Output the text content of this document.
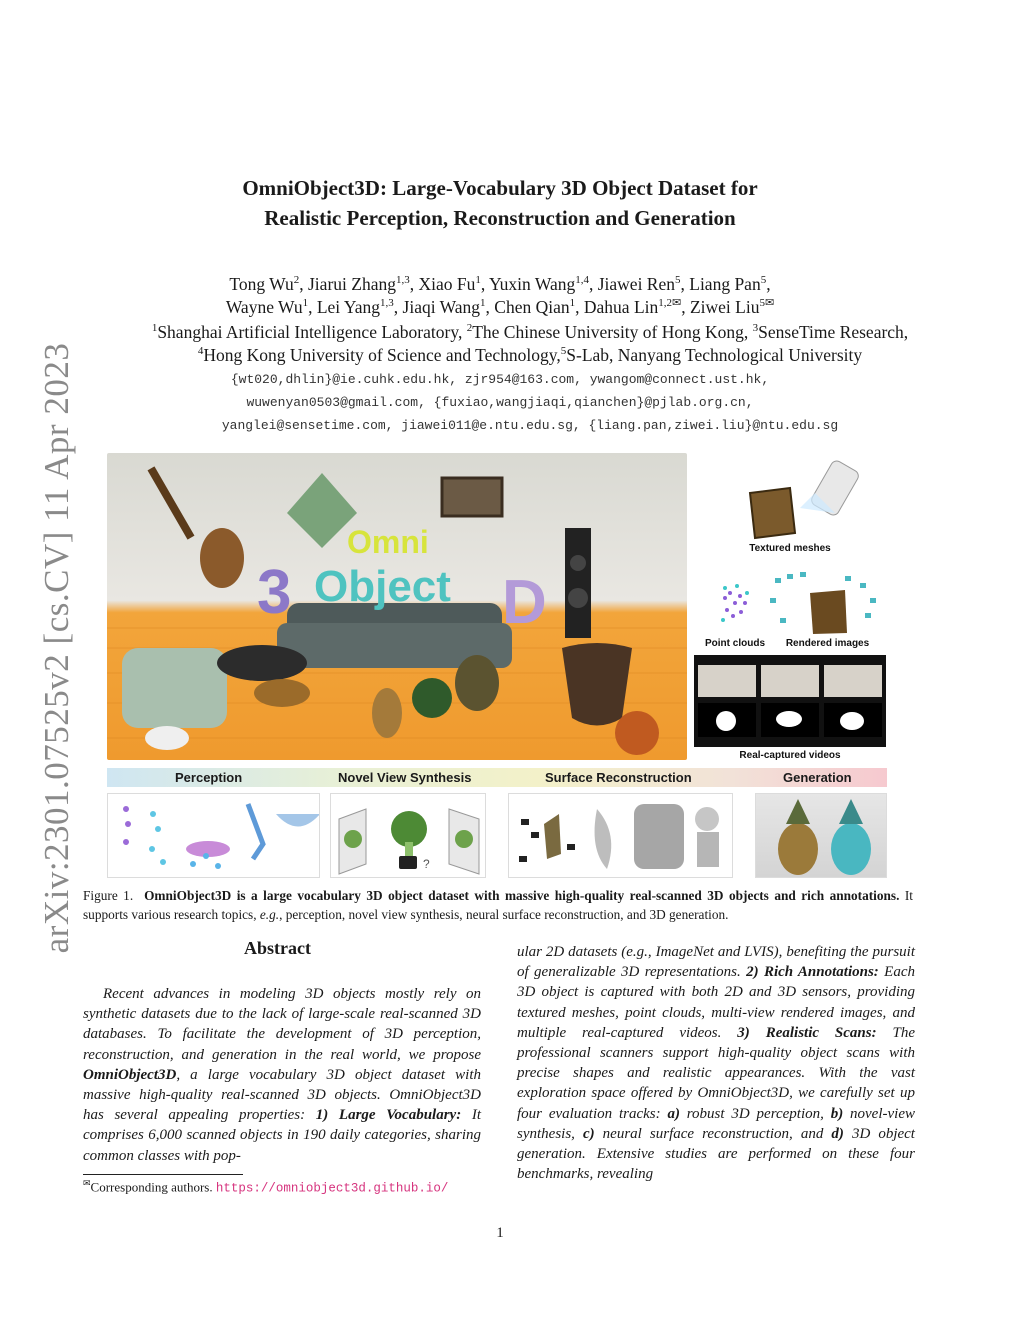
arXiv:2301.07525v2 [cs.CV] 11 Apr 2023
OmniObject3D: Large-Vocabulary 3D Object Dataset for
Realistic Perception, Reconstruction and Generation
Tong Wu$^2$, Jiarui Zhang$^{1,3}$, Xiao Fu$^1$, Yuxin Wang$^{1,4}$, Jiawei Ren$^5$, Liang Pan$^5$,
Wayne Wu$^1$, Lei Yang$^{1,3}$, Jiaqi Wang$^1$, Chen Qian$^1$, Dahua Lin$^{1,2✉}$, Ziwei Liu$^{5✉}$
$^1$Shanghai Artificial Intelligence Laboratory, $^2$The Chinese University of Hong Kong, $^3$SenseTime Research,
$^4$Hong Kong University of Science and Technology,$^5$S-Lab, Nanyang Technological University
{wt020,dhlin}@ie.cuhk.edu.hk, zjr954@163.com, ywangom@connect.ust.hk,
wuwenyan0503@gmail.com, {fuxiao,wangjiaqi,qianchen}@pjlab.org.cn,
yanglei@sensetime.com, jiawei011@e.ntu.edu.sg, {liang.pan,ziwei.liu}@ntu.edu.sg
3	D
Omni
Object
Textured meshes
Point clouds	Rendered images
Real-captured videos
Perception	Novel View Synthesis	Surface Reconstruction	Generation
?
Figure 1. OmniObject3D is a large vocabulary 3D object dataset with massive high-quality real-scanned 3D objects and rich annotations. It supports various research topics, e.g., perception, novel view synthesis, neural surface reconstruction, and 3D generation.
Abstract
Recent advances in modeling 3D objects mostly rely on synthetic datasets due to the lack of large-scale real-scanned 3D databases. To facilitate the development of 3D perception, reconstruction, and generation in the real world, we propose OmniObject3D, a large vocabulary 3D object dataset with massive high-quality real-scanned 3D objects. OmniObject3D has several appealing properties: 1) Large Vocabulary: It comprises 6,000 scanned objects in 190 daily categories, sharing common classes with pop-
ular 2D datasets (e.g., ImageNet and LVIS), benefiting the pursuit of generalizable 3D representations. 2) Rich Annotations: Each 3D object is captured with both 2D and 3D sensors, providing textured meshes, point clouds, multi-view rendered images, and multiple real-captured videos. 3) Realistic Scans: The professional scanners support high-quality object scans with precise shapes and realistic appearances. With the vast exploration space offered by OmniObject3D, we carefully set up four evaluation tracks: a) robust 3D perception, b) novel-view synthesis, c) neural surface reconstruction, and d) 3D object generation. Extensive studies are performed on these four benchmarks, revealing
✉Corresponding authors. https://omniobject3d.github.io/
1
